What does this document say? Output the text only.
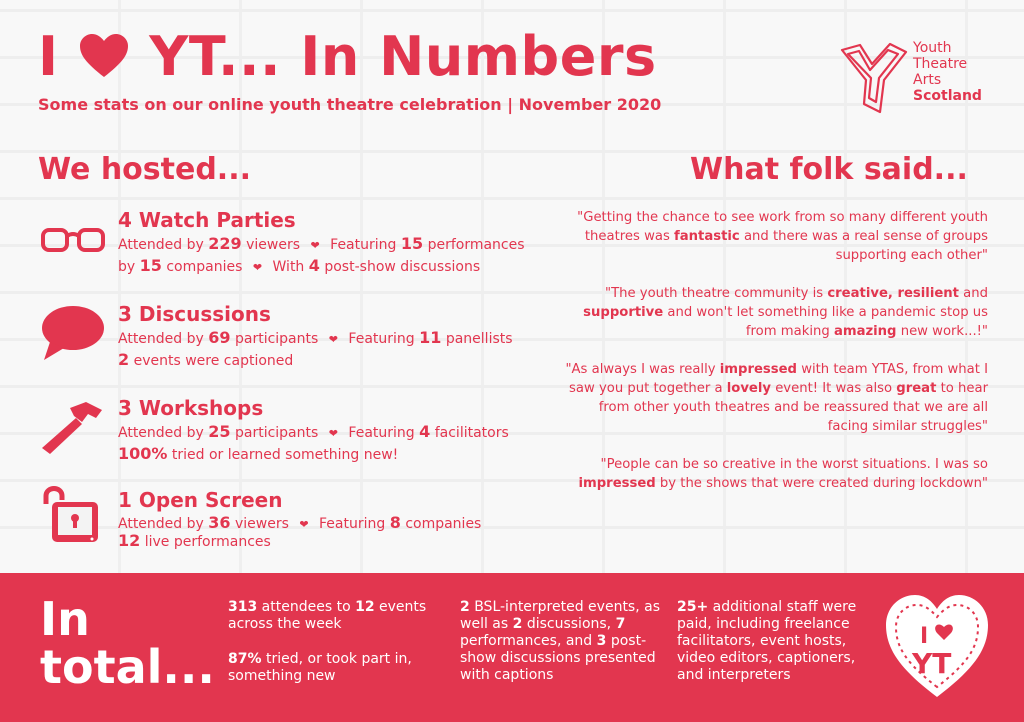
I YT... In Numbers
Some stats on our online youth theatre celebration | November 2020
Youth
Theatre
Arts
Scotland
We hosted...	What folk said...
4 Watch Parties
Attended by 229 viewers ❤ Featuring 15 performances
by 15 companies ❤ With 4 post-show discussions
3 Discussions
Attended by 69 participants ❤ Featuring 11 panellists
2 events were captioned
3 Workshops
Attended by 25 participants ❤ Featuring 4 facilitators
100% tried or learned something new!
1 Open Screen
Attended by 36 viewers ❤ Featuring 8 companies
12 live performances

"Getting the chance to see work from so many different youth theatres was fantastic and there was a real sense of groups supporting each other"

"The youth theatre community is creative, resilient and supportive and won't let something like a pandemic stop us from making amazing new work...!"

"As always I was really impressed with team YTAS, from what I saw you put together a lovely event! It was also great to hear from other youth theatres and be reassured that we are all facing similar struggles"

"People can be so creative in the worst situations. I was so impressed by the shows that were created during lockdown"

In
total...

313 attendees to 12 events across the week

87% tried, or took part in, something new

2 BSL-interpreted events, as well as 2 discussions, 7 performances, and 3 post-show discussions presented with captions

25+ additional staff were paid, including freelance facilitators, event hosts, video editors, captioners, and interpreters

I
YT
